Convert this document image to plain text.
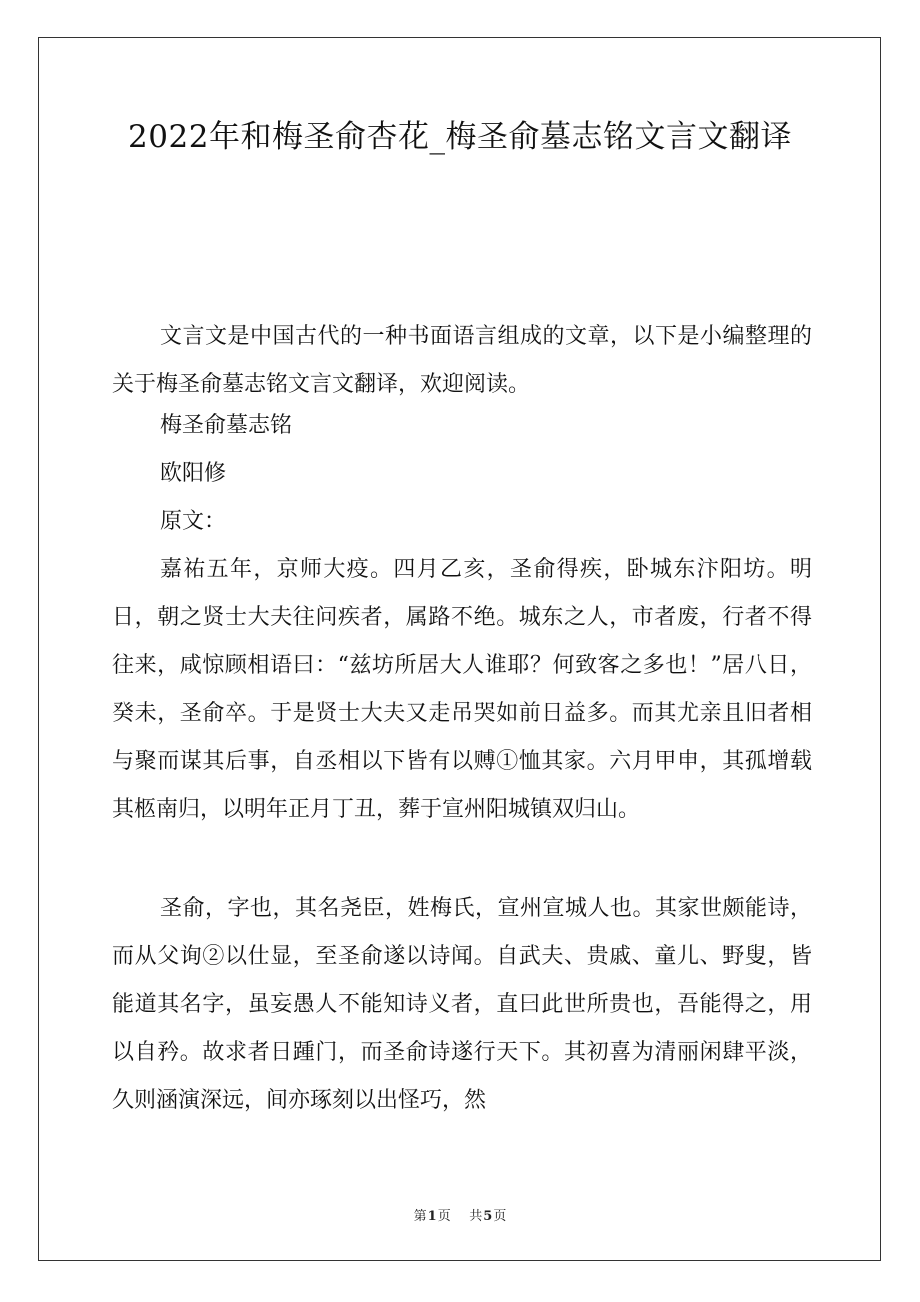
2022年和梅圣俞杏花_梅圣俞墓志铭文言文翻译

文言文是中国古代的一种书面语言组成的文章，以下是小编整理的关于梅圣俞墓志铭文言文翻译，欢迎阅读。

梅圣俞墓志铭

欧阳修

原文：

嘉祐五年，京师大疫。四月乙亥，圣俞得疾，卧城东汴阳坊。明日，朝之贤士大夫往问疾者，属路不绝。城东之人，市者废，行者不得往来，咸惊顾相语曰：“兹坊所居大人谁耶？何致客之多也！”居八日，癸未，圣俞卒。于是贤士大夫又走吊哭如前日益多。而其尤亲且旧者相与聚而谋其后事，自丞相以下皆有以赙①恤其家。六月甲申，其孤增载其柩南归，以明年正月丁丑，葬于宣州阳城镇双归山。

圣俞，字也，其名尧臣，姓梅氏，宣州宣城人也。其家世颇能诗，而从父询②以仕显，至圣俞遂以诗闻。自武夫、贵戚、童儿、野叟，皆能道其名字，虽妄愚人不能知诗义者，直曰此世所贵也，吾能得之，用以自矜。故求者日踵门，而圣俞诗遂行天下。其初喜为清丽闲肆平淡，久则涵演深远，间亦琢刻以出怪巧，然

第1页 共5页
